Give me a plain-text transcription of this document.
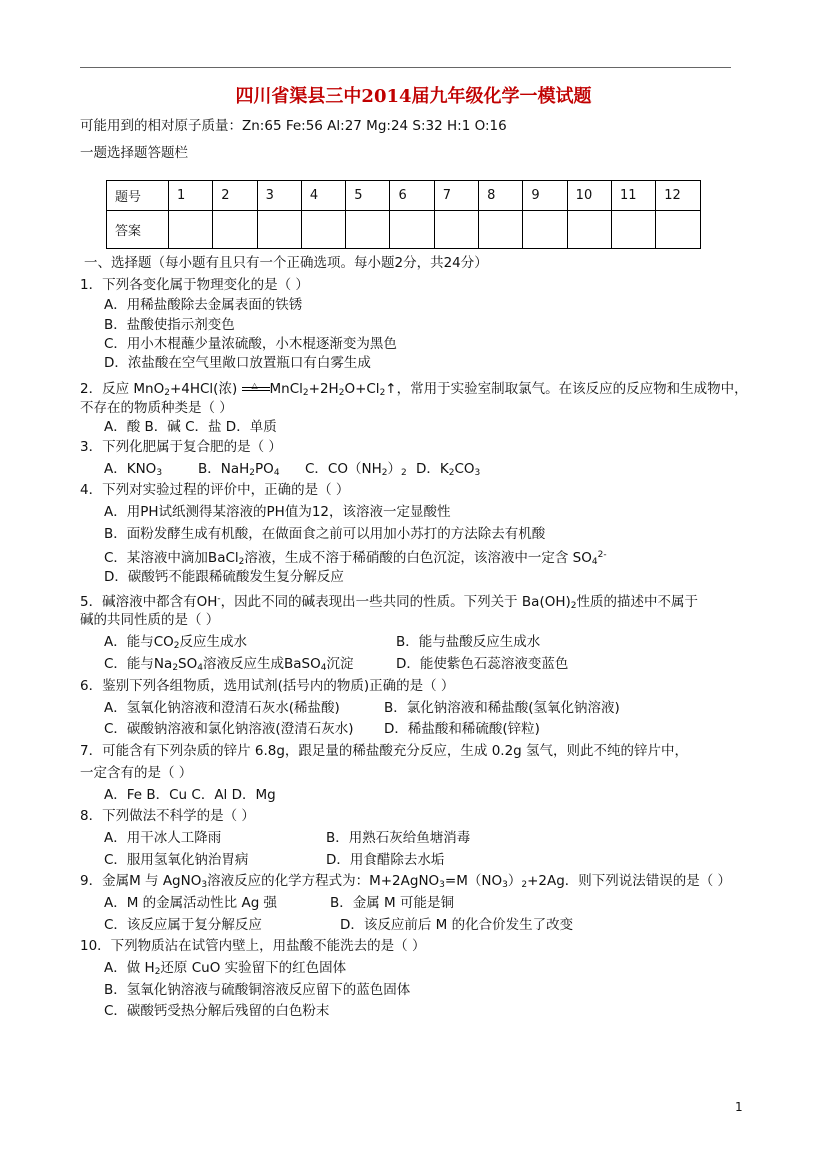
四川省渠县三中2014届九年级化学一模试题
可能用到的相对原子质量：Zn:65 Fe:56 Al:27 Mg:24 S:32 H:1 O:16
一题选择题答题栏
题号	1	2	3	4	5	6	7	8	9	10	11	12
答案												
一、选择题（每小题有且只有一个正确选项。每小题2分，共24分）
1．下列各变化属于物理变化的是（ ）
A．用稀盐酸除去金属表面的铁锈
B．盐酸使指示剂变色
C．用小木棍蘸少量浓硫酸，小木棍逐渐变为黑色
D．浓盐酸在空气里敞口放置瓶口有白雾生成
2．反应 MnO$_2$+4HCl(浓) △ $MnCl_2+2H_2O+Cl_2↑$，常用于实验室制取氯气。在该反应的反应物和生成物中，
不存在的物质种类是（ ）
A．酸 B．碱 C．盐 D．单质
3．下列化肥属于复合肥的是（ ）
A．$KNO_3$	B．$NaH_2PO_4$ C．$CO(NH_2)_2$ D．$K_2CO_3$
4．下列对实验过程的评价中，正确的是（ ）
A．用PH试纸测得某溶液的PH值为12，该溶液一定显酸性
B．面粉发酵生成有机酸，在做面食之前可以用加小苏打的方法除去有机酸
C．某溶液中滴加BaCl$_2$溶液，生成不溶于稀硝酸的白色沉淀，该溶液中一定含 $SO_4^{2-}$
D．碳酸钙不能跟稀硫酸发生复分解反应
5．碱溶液中都含有OH-，因此不同的碱表现出一些共同的性质。下列关于 $Ba(OH)_2$性质的描述中不属于
碱的共同性质的是（ ）
A．能与$CO_2$反应生成水	B．能与盐酸反应生成水
C．能与$Na_2SO_4$溶液反应生成BaSO$_4$沉淀	D．能使紫色石蕊溶液变蓝色
6．鉴别下列各组物质，选用试剂(括号内的物质)正确的是（ ）
A．氢氧化钠溶液和澄清石灰水(稀盐酸)	B．氯化钠溶液和稀盐酸(氢氧化钠溶液)
C．碳酸钠溶液和氯化钠溶液(澄清石灰水) D．稀盐酸和稀硫酸(锌粒)
7．可能含有下列杂质的锌片 6.8g，跟足量的稀盐酸充分反应，生成 0.2g 氢气，则此不纯的锌片中，
一定含有的是（ ）
A．Fe B．Cu C．Al D．Mg
8．下列做法不科学的是（ ）
A．用干冰人工降雨	B．用熟石灰给鱼塘消毒
C．服用氢氧化钠治胃病	D．用食醋除去水垢
9．金属M 与 AgNO$_3$溶液反应的化学方程式为：$M+2AgNO_3=M(NO_3)_2+2Ag$．则下列说法错误的是（ ）
A．M 的金属活动性比 Ag 强	B．金属 M 可能是铜
C．该反应属于复分解反应	D．该反应前后 M 的化合价发生了改变
10．下列物质沾在试管内壁上，用盐酸不能洗去的是（ ）
A．做 $H_2$还原 CuO 实验留下的红色固体
B．氢氧化钠溶液与硫酸铜溶液反应留下的蓝色固体
C．碳酸钙受热分解后残留的白色粉末
1
